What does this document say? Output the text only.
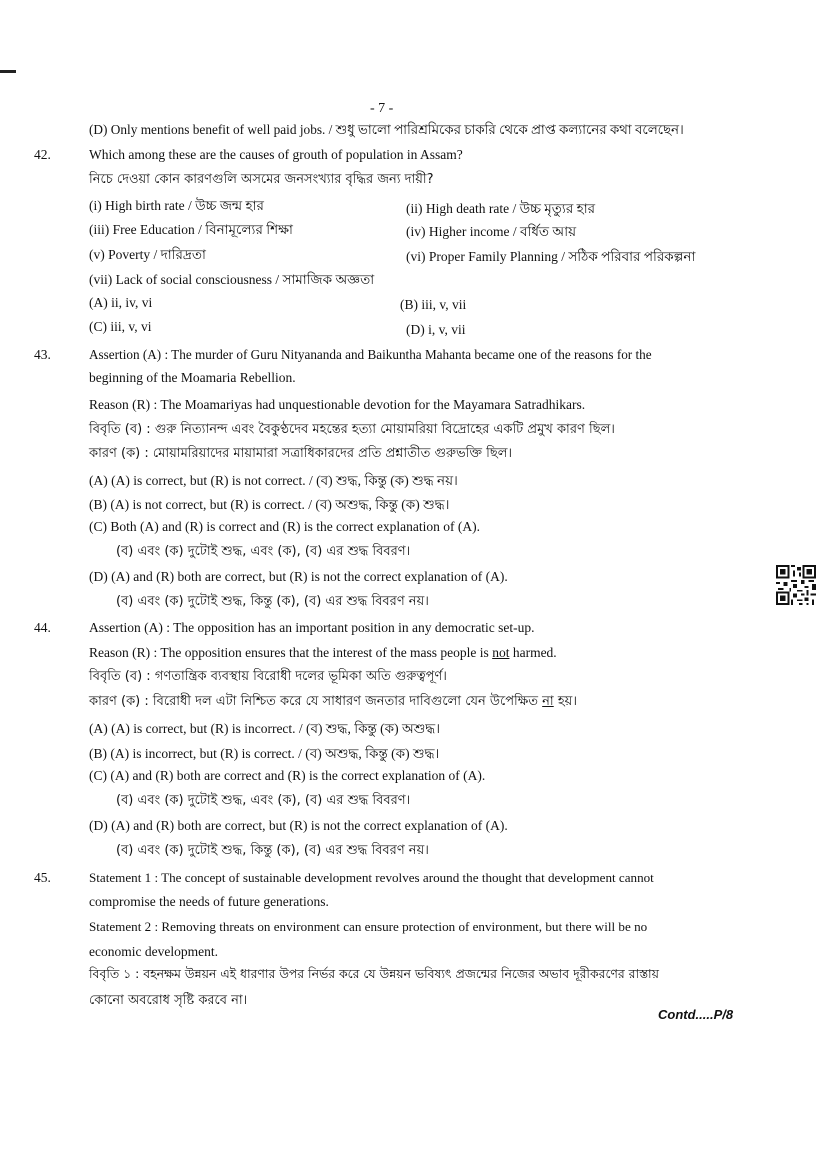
- 7 -
(D) Only mentions benefit of well paid jobs. / শুধু ভালো পারিশ্রমিকের চাকরি থেকে প্রাপ্ত কল্যানের কথা বলেছেন।
42.	Which among these are the causes of grouth of population in Assam?
নিচে দেওয়া কোন কারণগুলি অসমের জনসংখ্যার বৃদ্ধির জন্য দায়ী?
(i) High birth rate / উচ্চ জন্ম হার	(ii) High death rate / উচ্চ মৃত্যুর হার
(iii) Free Education / বিনামূল্যের শিক্ষা	(iv) Higher income / বর্ধিত আয়
(v) Poverty / দারিদ্রতা	(vi) Proper Family Planning / সঠিক পরিবার পরিকল্পনা
(vii) Lack of social consciousness / সামাজিক অজ্ঞতা
(A) ii, iv, vi	(B) iii, v, vii
(C) iii, v, vi	(D) i, v, vii
43.	Assertion (A) : The murder of Guru Nityananda and Baikuntha Mahanta became one of the reasons for the
beginning of the Moamaria Rebellion.
Reason (R) : The Moamariyas had unquestionable devotion for the Mayamara Satradhikars.
বিবৃতি (ব) : গুরু নিত্যানন্দ এবং বৈকুণ্ঠদেব মহন্তের হত্যা মোয়ামরিয়া বিদ্রোহের একটি প্রমুখ কারণ ছিল।
কারণ (ক) : মোয়ামরিয়াদের মায়ামারা সত্রাধিকারদের প্রতি প্রশ্নাতীত গুরুভক্তি ছিল।
(A) (A) is correct, but (R) is not correct. / (ব) শুদ্ধ, কিন্তু (ক) শুদ্ধ নয়।
(B) (A) is not correct, but (R) is correct. / (ব) অশুদ্ধ, কিন্তু (ক) শুদ্ধ।
(C) Both (A) and (R) is correct and (R) is the correct explanation of (A).
(ব) এবং (ক) দুটোই শুদ্ধ, এবং (ক), (ব) এর শুদ্ধ বিবরণ।
(D) (A) and (R) both are correct, but (R) is not the correct explanation of (A).
(ব) এবং (ক) দুটোই শুদ্ধ, কিন্তু (ক), (ব) এর শুদ্ধ বিবরণ নয়।
44.	Assertion (A) : The opposition has an important position in any democratic set-up.
Reason (R) : The opposition ensures that the interest of the mass people is not harmed.
বিবৃতি (ব) : গণতান্ত্রিক ব্যবস্থায় বিরোধী দলের ভূমিকা অতি গুরুত্বপূর্ণ।
কারণ (ক) : বিরোধী দল এটা নিশ্চিত করে যে সাধারণ জনতার দাবিগুলো যেন উপেক্ষিত না হয়।
(A) (A) is correct, but (R) is incorrect. / (ব) শুদ্ধ, কিন্তু (ক) অশুদ্ধ।
(B) (A) is incorrect, but (R) is correct. / (ব) অশুদ্ধ, কিন্তু (ক) শুদ্ধ।
(C) (A) and (R) both are correct and (R) is the correct explanation of (A).
(ব) এবং (ক) দুটোই শুদ্ধ, এবং (ক), (ব) এর শুদ্ধ বিবরণ।
(D) (A) and (R) both are correct, but (R) is not the correct explanation of (A).
(ব) এবং (ক) দুটোই শুদ্ধ, কিন্তু (ক), (ব) এর শুদ্ধ বিবরণ নয়।
45.	Statement 1 : The concept of sustainable development revolves around the thought that development cannot
compromise the needs of future generations.
Statement 2 : Removing threats on environment can ensure protection of environment, but there will be no
economic development.
বিবৃতি ১ : বহনক্ষম উন্নয়ন এই ধারণার উপর নির্ভর করে যে উন্নয়ন ভবিষ্যৎ প্রজন্মের নিজের অভাব দূরীকরণের রাস্তায়
কোনো অবরোধ সৃষ্টি করবে না।
Contd.....P/8
